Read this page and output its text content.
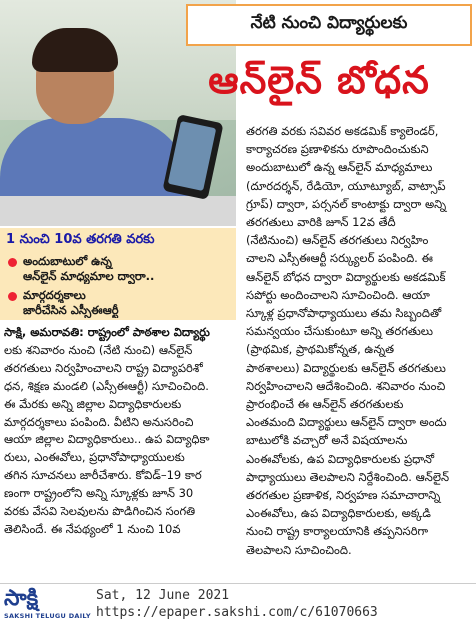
నేటి నుంచి విద్యార్థులకు
ఆన్‌లైన్ బోధన
1 నుంచి 10వ తరగతి వరకు
అందుబాటులో ఉన్న
ఆన్‌లైన్ మాధ్యమాల ద్వారా..
మార్గదర్శకాలు
జారీచేసిన ఎస్సీఈఆర్టీ
సాక్షి, అమరావతి: రాష్ట్రంలో పాఠశాల విద్యార్థు
లకు శనివారం నుంచి (నేటి నుంచి) ఆన్‌లైన్
తరగతులు నిర్వహించాలని రాష్ట్ర విద్యాపరిశో
ధన, శిక్షణ మండలి (ఎస్సీఈఆర్టీ) సూచించింది.
ఈ మేరకు అన్ని జిల్లాల విద్యాధికారులకు
మార్గదర్శకాలు పంపింది. వీటిని అనుసరించి
ఆయా జిల్లాల విద్యాధికారులు.. ఉప విద్యాధికా
రులు, ఎంఈవోలు, ప్రధానోపాధ్యాయులకు
తగిన సూచనలు జారీచేశారు. కోవిడ్‌–19 కార
ణంగా రాష్ట్రంలోని అన్ని స్కూళ్లకు జూన్ 30
వరకు వేసవి సెలవులను పొడిగించిన సంగతి
తెలిసిందే. ఈ నేపథ్యంలో 1 నుంచి 10వ
తరగతి వరకు సవివర అకడమిక్ క్యాలెండర్,
కార్యాచరణ ప్రణాళికను రూపొందించుకుని
అందుబాటులో ఉన్న ఆన్‌లైన్ మాధ్యమాలు
(దూరదర్శన్, రేడియో, యూట్యూబ్, వాట్సాప్
గ్రూప్) ద్వారా, పర్సనల్ కాంటాక్టు ద్వారా అన్ని
తరగతులు వారికి జూన్ 12వ తేదీ
(నేటినుంచి) ఆన్‌లైన్ తరగతులు నిర్వహిం
చాలని ఎస్సీఈఆర్టీ సర్క్యులర్ పంపింది. ఈ
ఆన్‌లైన్ బోధన ద్వారా విద్యార్థులకు అకడమిక్
సపోర్టు అందించాలని సూచించింది. ఆయా
స్కూళ్ల ప్రధానోపాధ్యాయులు తమ సిబ్బందితో
సమన్వయం చేసుకుంటూ అన్ని తరగతులు
(ప్రాథమిక, ప్రాథమికోన్నత, ఉన్నత
పాఠశాలలు) విద్యార్థులకు ఆన్‌లైన్ తరగతులు
నిర్వహించాలని ఆదేశించింది. శనివారం నుంచి
ప్రారంభించే ఈ ఆన్‌లైన్ తరగతులకు
ఎంతమంది విద్యార్థులు ఆన్‌లైన్ ద్వారా అందు
బాటులోకి వచ్చారో అనే విషయాలను
ఎంఈవోలకు, ఉప విద్యాధికారులకు ప్రధానో
పాధ్యాయులు తెలపాలని నిర్దేశించింది. ఆన్‌లైన్
తరగతుల ప్రణాళిక, నిర్వహణ సమాచారాన్ని
ఎంఈవోలు, ఉప విద్యాధికారులకు, అక్కడి
నుంచి రాష్ట్ర కార్యాలయానికి తప్పనిసరిగా
తెలపాలని సూచించింది.
సాక్షి
SAKSHI TELUGU DAILY
Sat, 12 June 2021
https://epaper.sakshi.com/c/61070663
